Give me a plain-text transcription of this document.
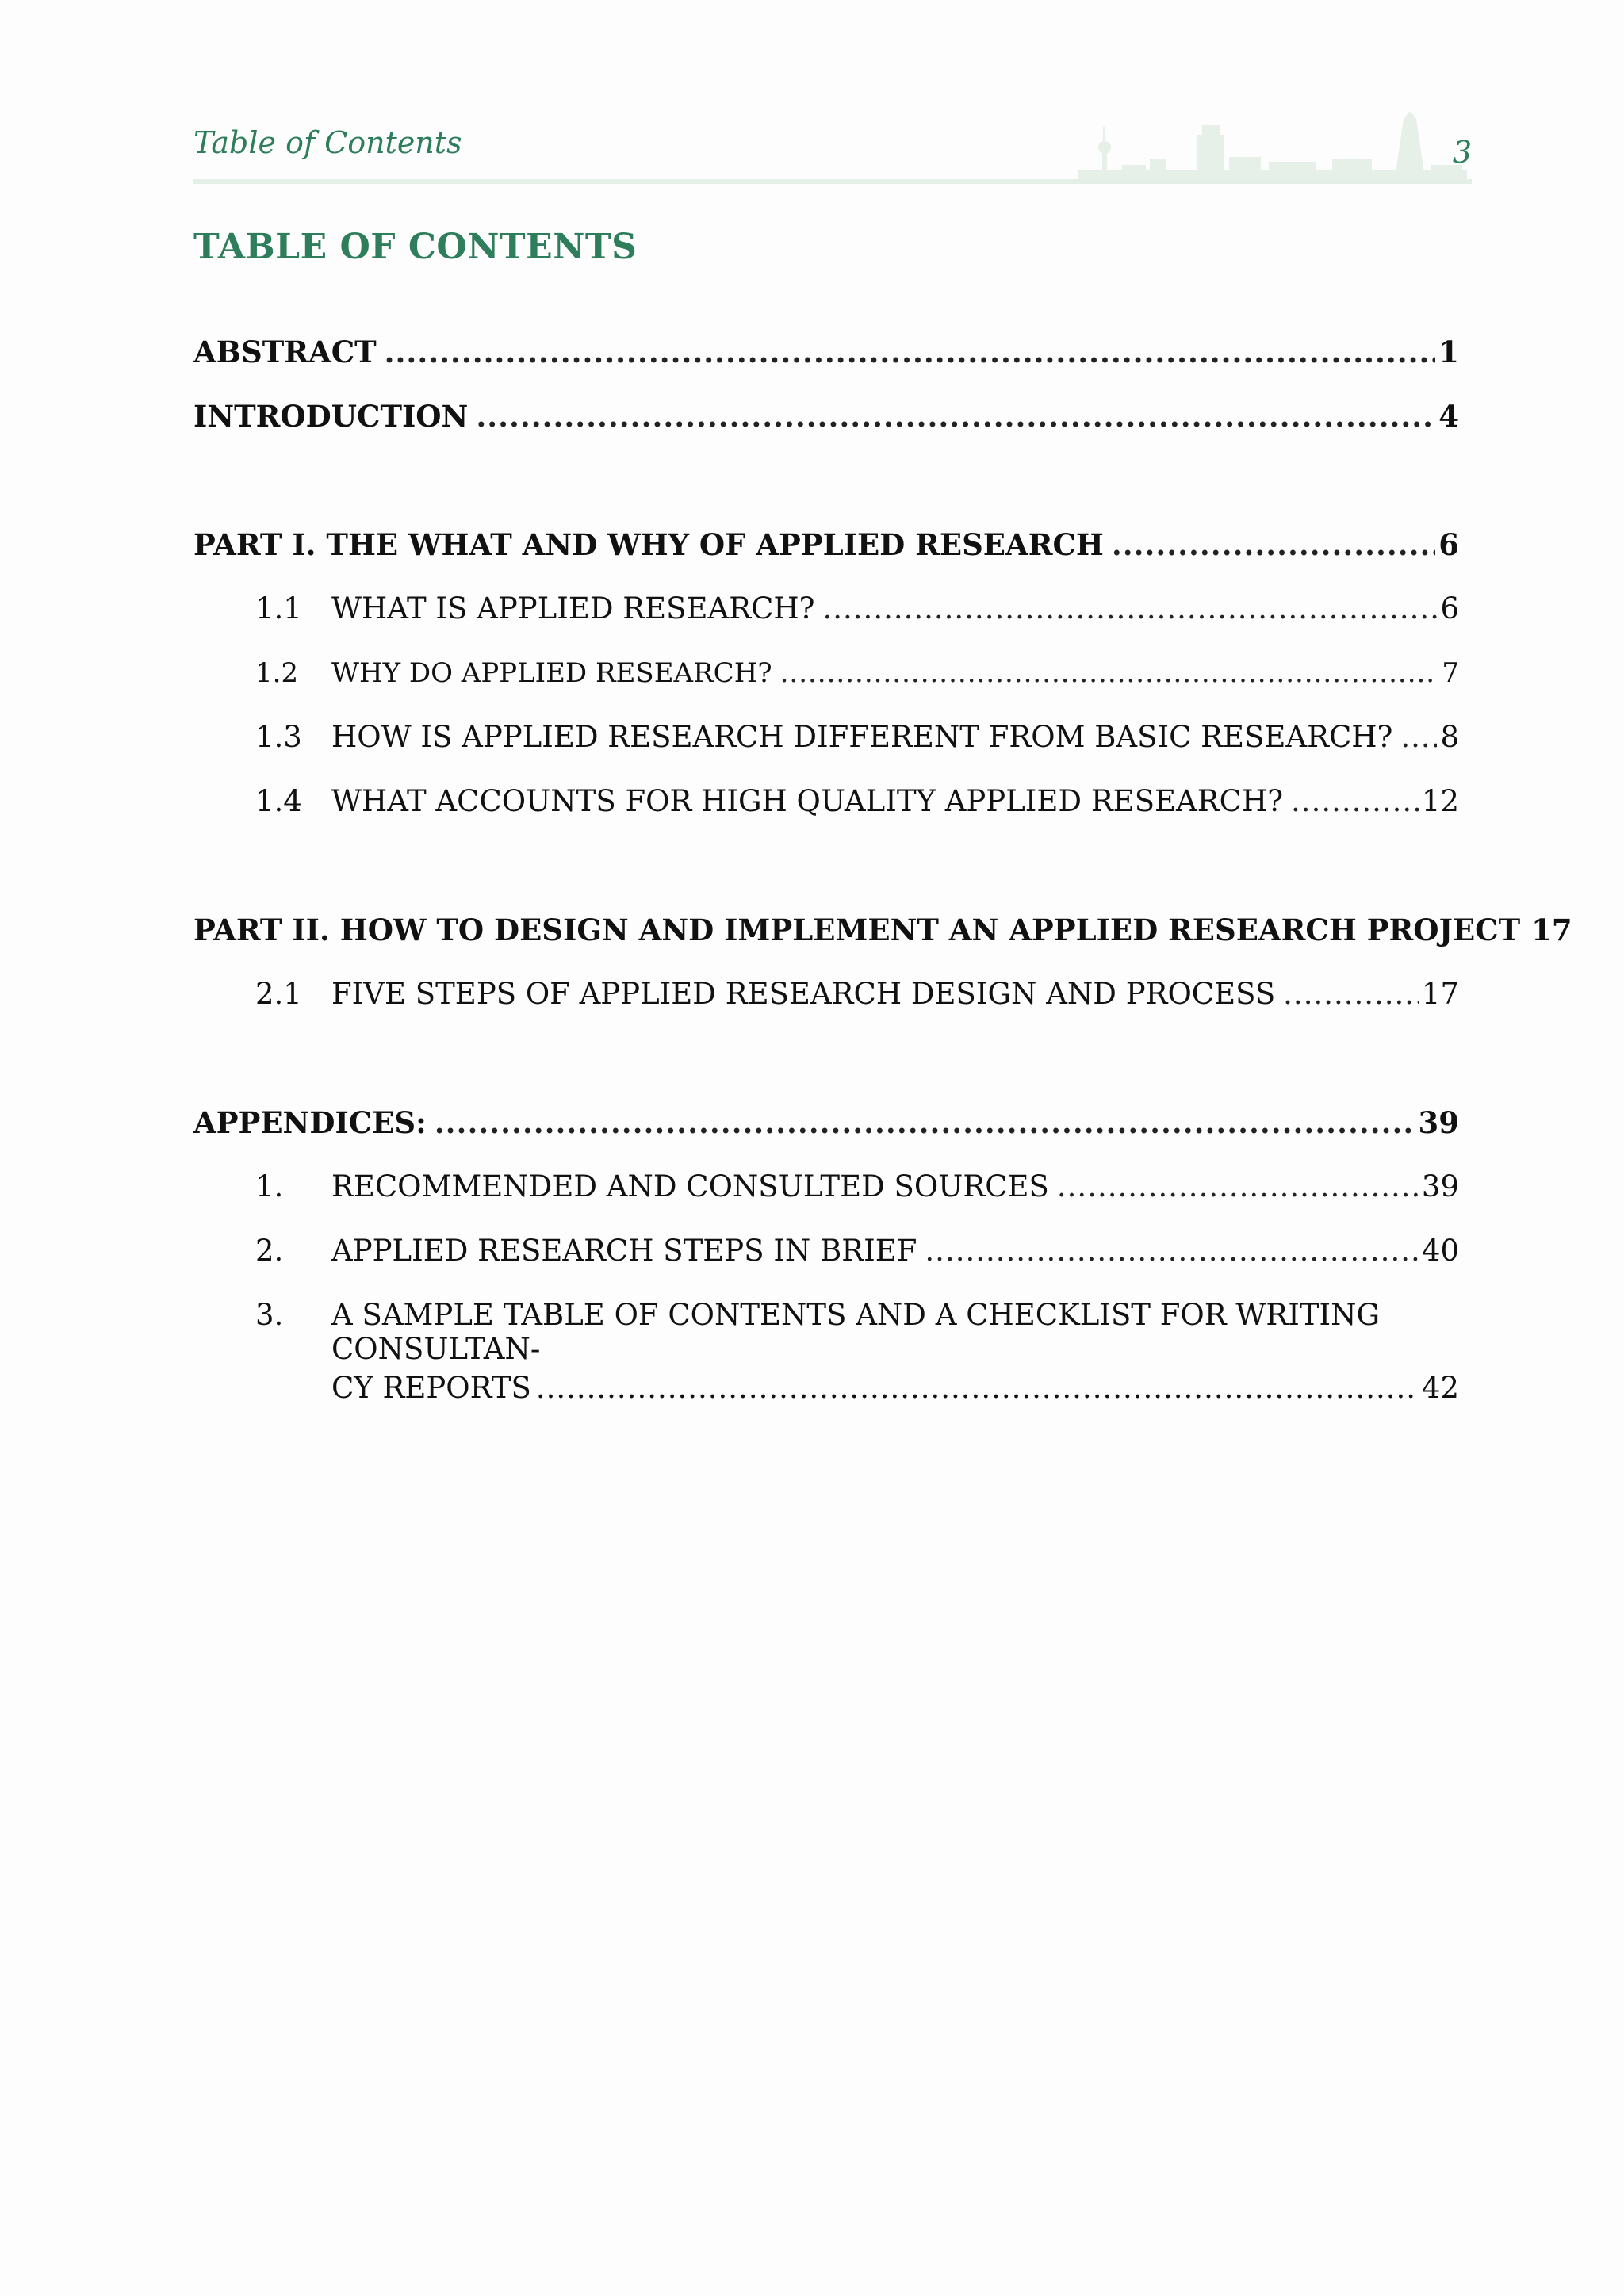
Table of Contents	3
TABLE OF CONTENTS
ABSTRACT .....	1
INTRODUCTION .....	4
PART I. THE WHAT AND WHY OF APPLIED RESEARCH .....	6
1.1	WHAT IS APPLIED RESEARCH? .....	6
1.2	WHY DO APPLIED RESEARCH? .....	7
1.3	HOW IS APPLIED RESEARCH DIFFERENT FROM BASIC RESEARCH? ..... 8
1.4	WHAT ACCOUNTS FOR HIGH QUALITY APPLIED RESEARCH? .....	12
PART II. HOW TO DESIGN AND IMPLEMENT AN APPLIED RESEARCH PROJECT 17
2.1	FIVE STEPS OF APPLIED RESEARCH DESIGN AND PROCESS .....	17
APPENDICES: .....	39
1.	RECOMMENDED AND CONSULTED SOURCES .....	39
2.	APPLIED RESEARCH STEPS IN BRIEF .....	40
3.	A SAMPLE TABLE OF CONTENTS AND A CHECKLIST FOR WRITING CONSULTAN-
CY REPORTS .....	42
